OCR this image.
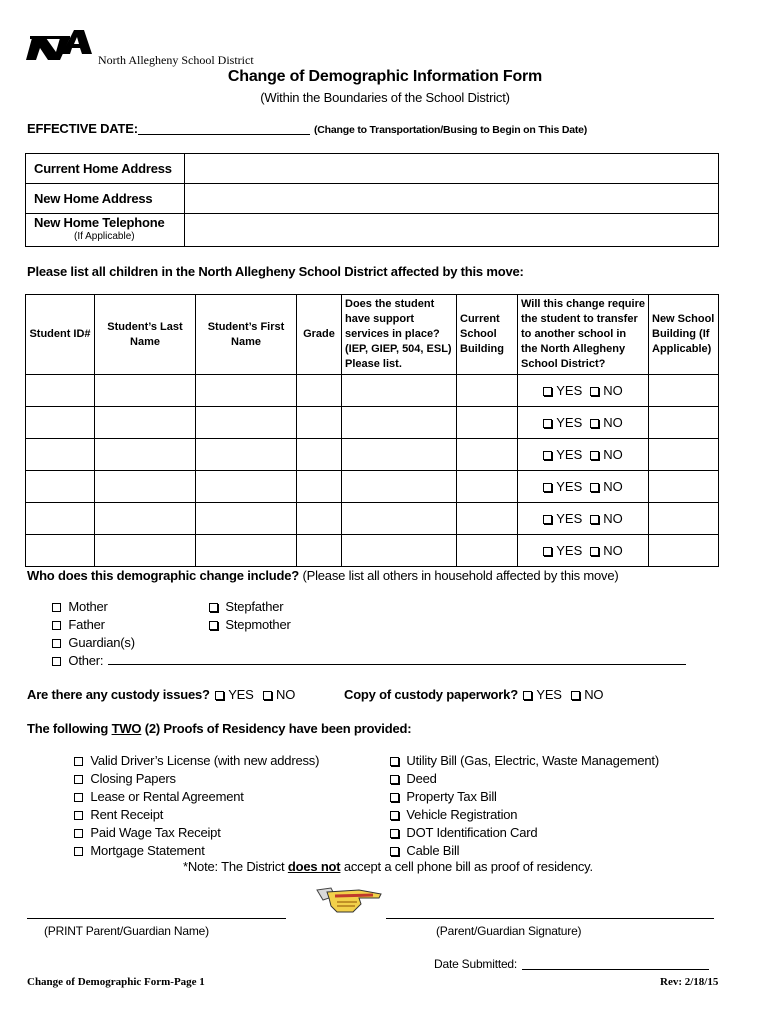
North Allegheny School District
Change of Demographic Information Form
(Within the Boundaries of the School District)
EFFECTIVE DATE:	(Change to Transportation/Busing to Begin on This Date)
Current Home Address	
New Home Address	

New Home Telephone
(If Applicable)	

Please list all children in the North Allegheny School District affected by this move:
Student ID#	Student’s Last Name	Student’s First Name	Grade	Does the student have support services in place? (IEP, GIEP, 504, ESL) Please list.	Current School Building	Will this change require the student to transfer to another school in the North Allegheny School District?	New School Building (If Applicable)
						YES NO	
						YES NO	
						YES NO	
						YES NO	
						YES NO	
						YES NO	
Who does this demographic change include? (Please list all others in household affected by this move)
Mother
Father
Guardian(s)
Other:
Stepfather
Stepmother
Are there any custody issues? YES NO	Copy of custody paperwork? YES NO
The following TWO (2) Proofs of Residency have been provided:
Valid Driver’s License (with new address)
Closing Papers
Lease or Rental Agreement
Rent Receipt
Paid Wage Tax Receipt
Mortgage Statement
Utility Bill (Gas, Electric, Waste Management)
Deed
Property Tax Bill
Vehicle Registration
DOT Identification Card
Cable Bill
*Note: The District does not accept a cell phone bill as proof of residency.
(PRINT Parent/Guardian Name)	(Parent/Guardian Signature)
Date Submitted:
Change of Demographic Form-Page 1	Rev: 2/18/15
